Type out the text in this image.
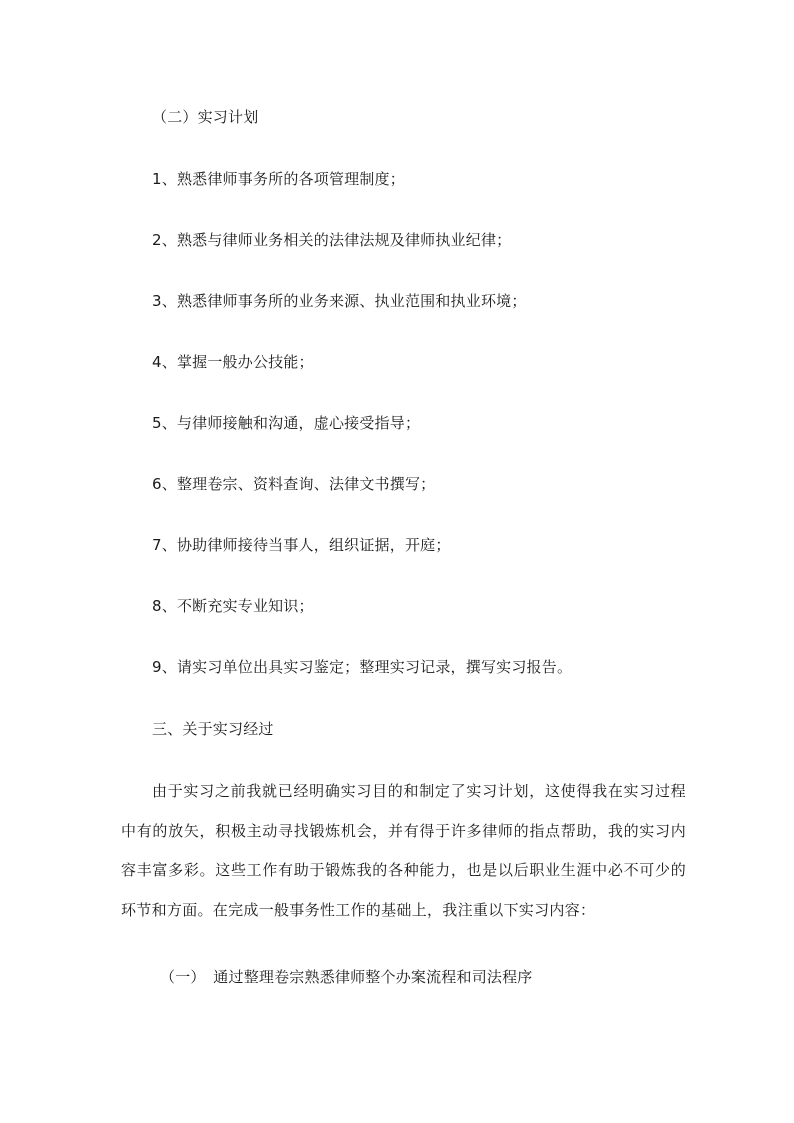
（二）实习计划
1、熟悉律师事务所的各项管理制度；
2、熟悉与律师业务相关的法律法规及律师执业纪律；
3、熟悉律师事务所的业务来源、执业范围和执业环境；
4、掌握一般办公技能；
5、与律师接触和沟通，虚心接受指导；
6、整理卷宗、资料查询、法律文书撰写；
7、协助律师接待当事人，组织证据，开庭；
8、不断充实专业知识；
9、请实习单位出具实习鉴定；整理实习记录，撰写实习报告。
三、关于实习经过
由于实习之前我就已经明确实习目的和制定了实习计划，这使得我在实习过程中有的放矢，积极主动寻找锻炼机会，并有得于许多律师的指点帮助，我的实习内容丰富多彩。这些工作有助于锻炼我的各种能力，也是以后职业生涯中必不可少的环节和方面。在完成一般事务性工作的基础上，我注重以下实习内容：
（一）　通过整理卷宗熟悉律师整个办案流程和司法程序
